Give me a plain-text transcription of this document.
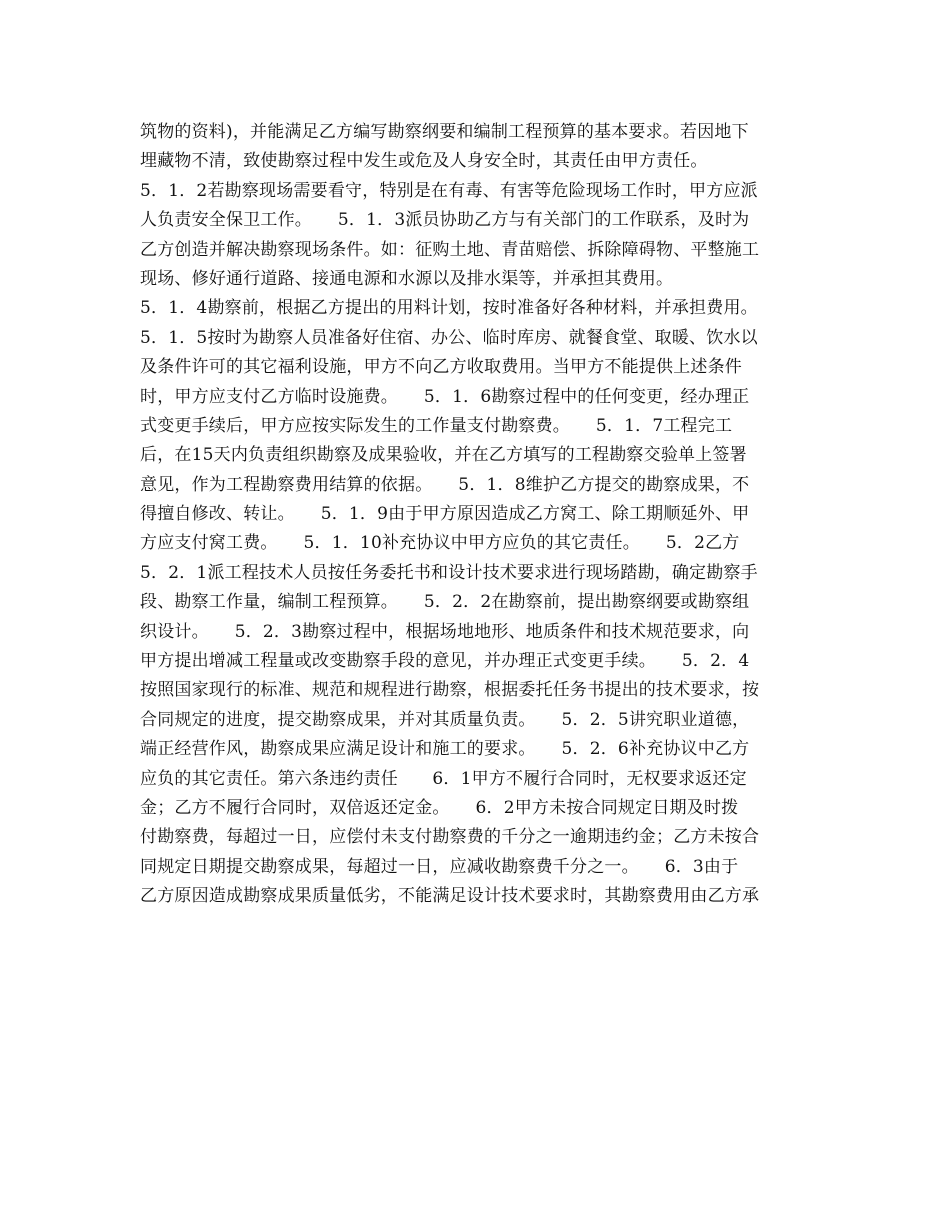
筑物的资料)，并能满足乙方编写勘察纲要和编制工程预算的基本要求。若因地下
埋藏物不清，致使勘察过程中发生或危及人身安全时，其责任由甲方责任。
5．1．2若勘察现场需要看守，特别是在有毒、有害等危险现场工作时，甲方应派
人负责安全保卫工作。　　5．1．3派员协助乙方与有关部门的工作联系，及时为
乙方创造并解决勘察现场条件。如：征购土地、青苗赔偿、拆除障碍物、平整施工
现场、修好通行道路、接通电源和水源以及排水渠等，并承担其费用。
5．1．4勘察前，根据乙方提出的用料计划，按时准备好各种材料，并承担费用。
5．1．5按时为勘察人员准备好住宿、办公、临时库房、就餐食堂、取暖、饮水以
及条件许可的其它福利设施，甲方不向乙方收取费用。当甲方不能提供上述条件
时，甲方应支付乙方临时设施费。　　5．1．6勘察过程中的任何变更，经办理正
式变更手续后，甲方应按实际发生的工作量支付勘察费。　　5．1．7工程完工
后，在15天内负责组织勘察及成果验收，并在乙方填写的工程勘察交验单上签署
意见，作为工程勘察费用结算的依据。　　5．1．8维护乙方提交的勘察成果，不
得擅自修改、转让。　　5．1．9由于甲方原因造成乙方窝工、除工期顺延外、甲
方应支付窝工费。　　5．1．10补充协议中甲方应负的其它责任。　　5．2乙方
5．2．1派工程技术人员按任务委托书和设计技术要求进行现场踏勘，确定勘察手
段、勘察工作量，编制工程预算。　　5．2．2在勘察前，提出勘察纲要或勘察组
织设计。　　5．2．3勘察过程中，根据场地地形、地质条件和技术规范要求，向
甲方提出增减工程量或改变勘察手段的意见，并办理正式变更手续。　　5．2．4
按照国家现行的标准、规范和规程进行勘察，根据委托任务书提出的技术要求，按
合同规定的进度，提交勘察成果，并对其质量负责。　　5．2．5讲究职业道德，
端正经营作风，勘察成果应满足设计和施工的要求。　　5．2．6补充协议中乙方
应负的其它责任。第六条违约责任　　6．1甲方不履行合同时，无权要求返还定
金；乙方不履行合同时，双倍返还定金。　　6．2甲方未按合同规定日期及时拨
付勘察费，每超过一日，应偿付未支付勘察费的千分之一逾期违约金；乙方未按合
同规定日期提交勘察成果，每超过一日，应减收勘察费千分之一。　　6．3由于
乙方原因造成勘察成果质量低劣，不能满足设计技术要求时，其勘察费用由乙方承
